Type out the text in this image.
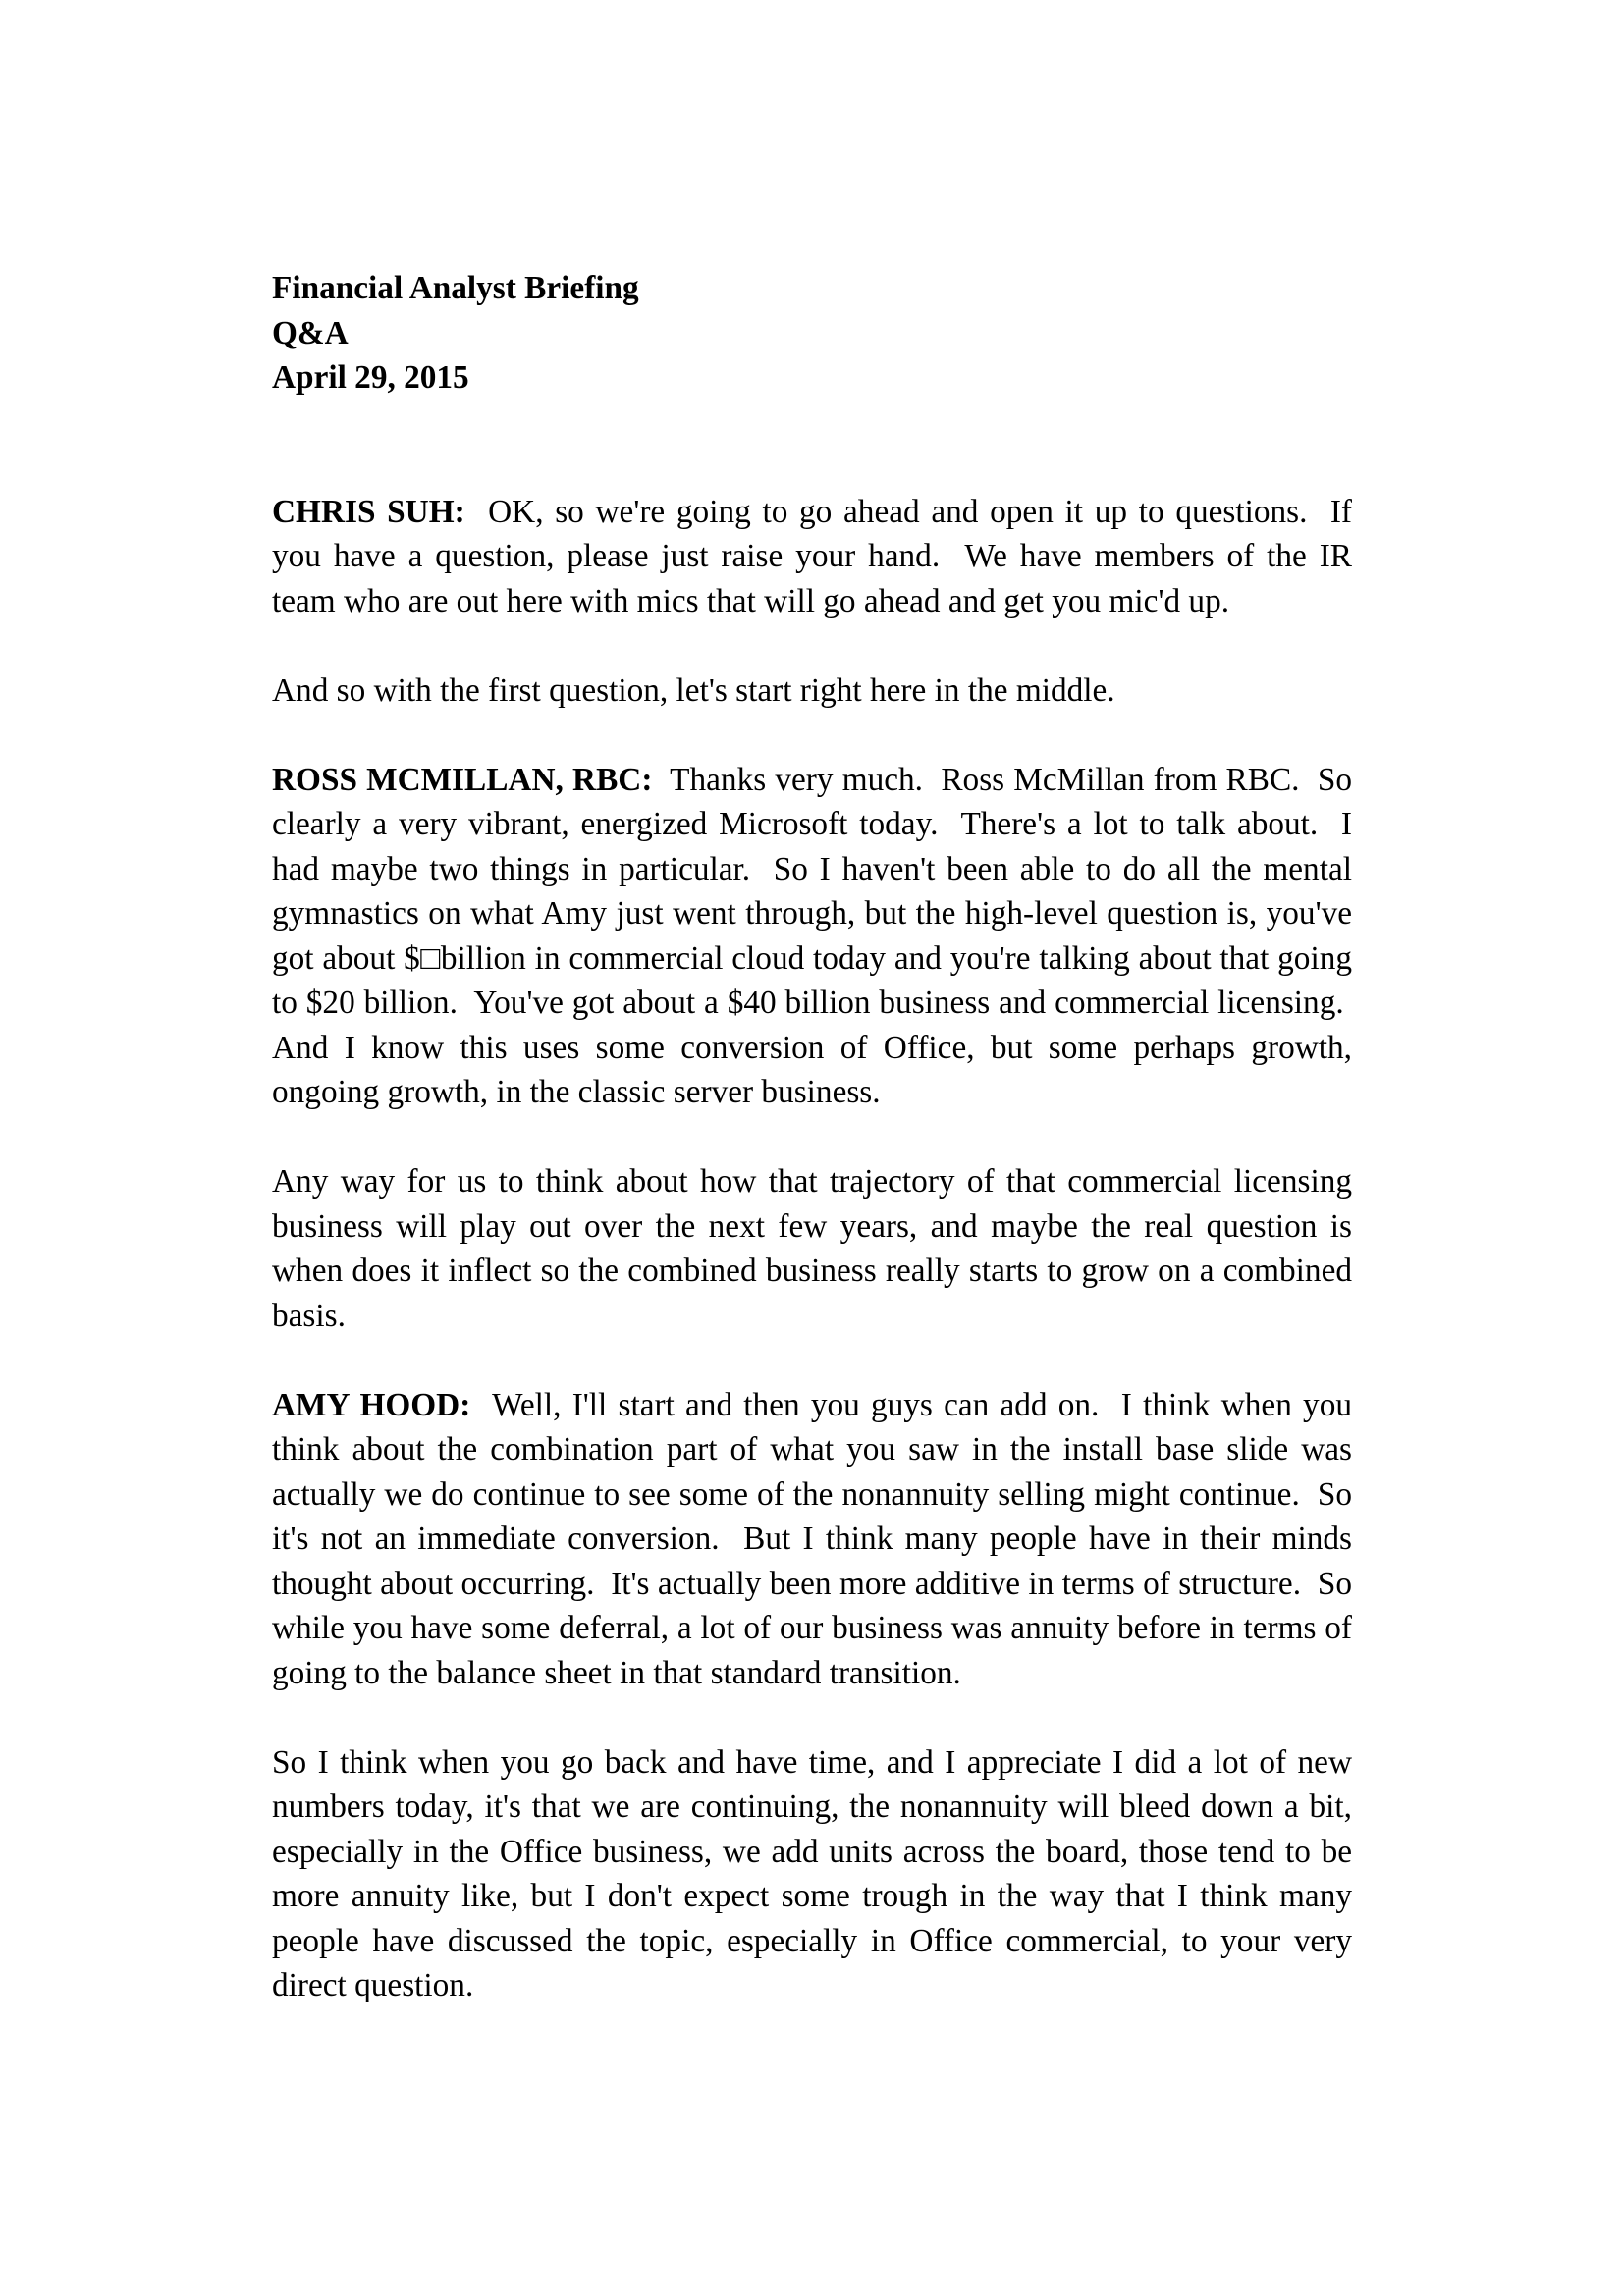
Financial Analyst Briefing
Q&A
April 29, 2015

CHRIS SUH:  OK, so we're going to go ahead and open it up to questions.  If you have a question, please just raise your hand.  We have members of the IR team who are out here with mics that will go ahead and get you mic'd up.

And so with the first question, let's start right here in the middle.

ROSS MCMILLAN, RBC:  Thanks very much.  Ross McMillan from RBC.  So clearly a very vibrant, energized Microsoft today.  There's a lot to talk about.  I had maybe two things in particular.  So I haven't been able to do all the mental gymnastics on what Amy just went through, but the high-level question is, you've got about $□billion in commercial cloud today and you're talking about that going to $20 billion.  You've got about a $40 billion business and commercial licensing.  And I know this uses some conversion of Office, but some perhaps growth, ongoing growth, in the classic server business.

Any way for us to think about how that trajectory of that commercial licensing business will play out over the next few years, and maybe the real question is when does it inflect so the combined business really starts to grow on a combined basis.

AMY HOOD:  Well, I'll start and then you guys can add on.  I think when you think about the combination part of what you saw in the install base slide was actually we do continue to see some of the nonannuity selling might continue.  So it's not an immediate conversion.  But I think many people have in their minds thought about occurring.  It's actually been more additive in terms of structure.  So while you have some deferral, a lot of our business was annuity before in terms of going to the balance sheet in that standard transition.

So I think when you go back and have time, and I appreciate I did a lot of new numbers today, it's that we are continuing, the nonannuity will bleed down a bit, especially in the Office business, we add units across the board, those tend to be more annuity like, but I don't expect some trough in the way that I think many people have discussed the topic, especially in Office commercial, to your very direct question.
